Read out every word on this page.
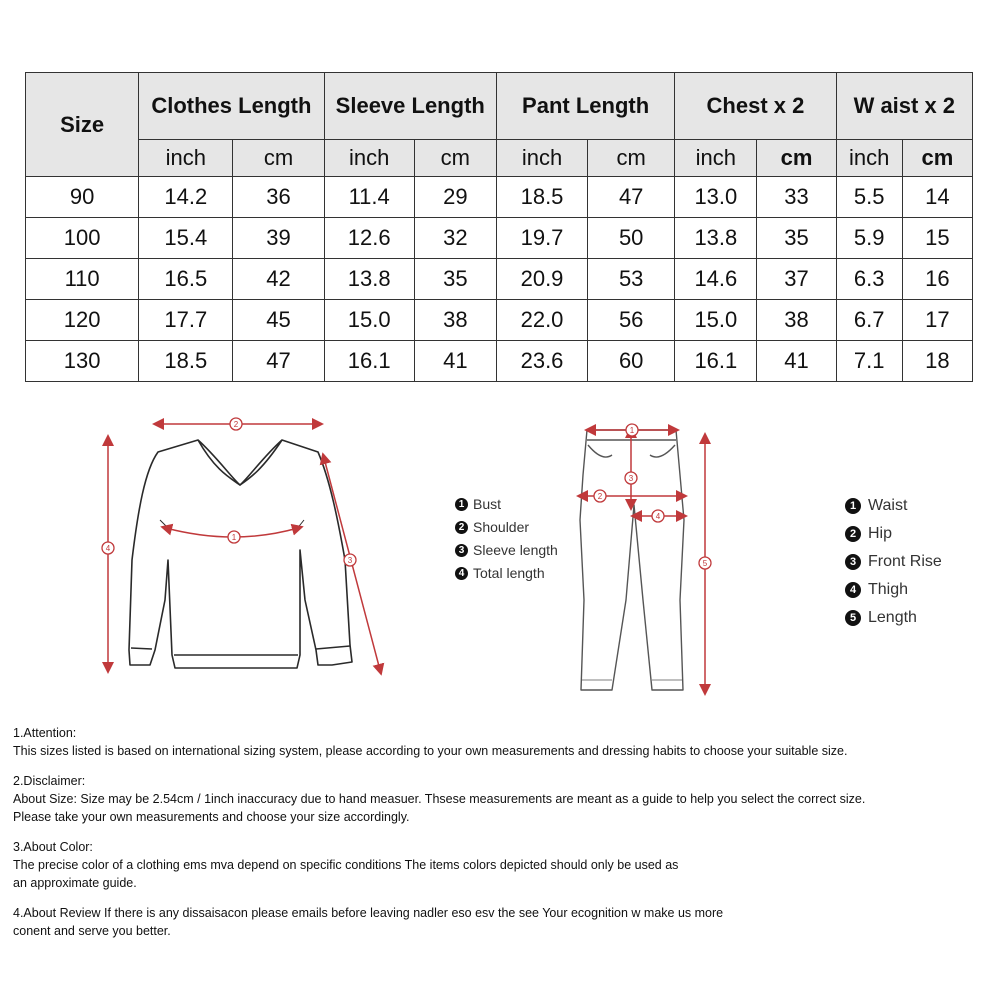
Size	Clothes Length		Sleeve Length		Pant Length		Chest x 2		W aist x 2	
	inch	cm	inch	cm	inch	cm	inch	cm	inch	cm
90	14.2	36	11.4	29	18.5	47	13.0	33	5.5	14
100	15.4	39	12.6	32	19.7	50	13.8	35	5.9	15
110	16.5	42	13.8	35	20.9	53	14.6	37	6.3	16
120	17.7	45	15.0	38	22.0	56	15.0	38	6.7	17
130	18.5	47	16.1	41	23.6	60	16.1	41	7.1	18
2
1
4
3
1
3
2
4
5
1 Bust
2 Shoulder
3 Sleeve length
4 Total length
1 Waist
2 Hip
3 Front Rise
4 Thigh
5 Length
1.Attention:
This sizes listed is based on international sizing system, please according to your own measurements and dressing habits to choose your suitable size.
2.Disclaimer:
About Size: Size may be 2.54cm / 1inch inaccuracy due to hand measuer. Thsese measurements are meant as a guide to help you select the correct size.
Please take your own measurements and choose your size accordingly.
3.About Color:
The precise color of a clothing ems mva depend on specific conditions The items colors depicted should only be used as
an approximate guide.
4.About Review If there is any dissaisacon please emails before leaving nadler eso esv the see Your ecognition w make us more
conent and serve you better.
